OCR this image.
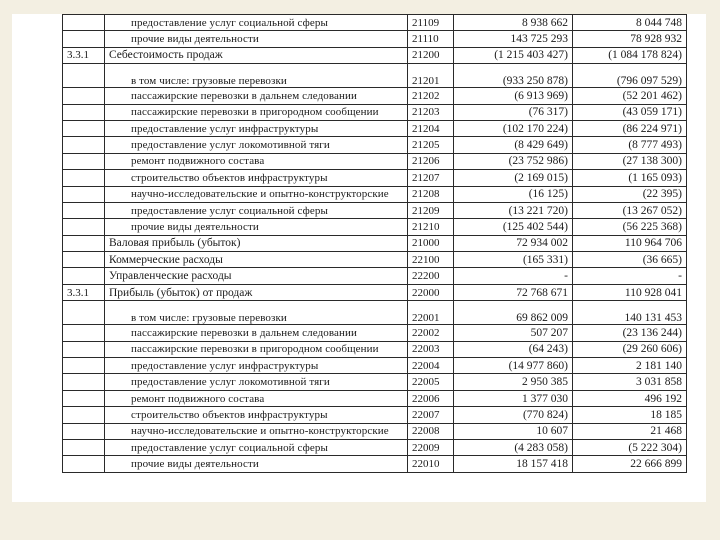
	предоставление услуг социальной сферы	21109	8 938 662	8 044 748
	прочие виды деятельности	21110	143 725 293	78 928 932
3.3.1	Себестоимость продаж	21200	(1 215 403 427)	(1 084 178 824)
	в том числе: грузовые перевозки	21201	(933 250 878)	(796 097 529)
	пассажирские перевозки в дальнем следовании	21202	(6 913 969)	(52 201 462)
	пассажирские перевозки в пригородном сообщении	21203	(76 317)	(43 059 171)
	предоставление услуг инфраструктуры	21204	(102 170 224)	(86 224 971)
	предоставление услуг локомотивной тяги	21205	(8 429 649)	(8 777 493)
	ремонт подвижного состава	21206	(23 752 986)	(27 138 300)
	строительство объектов инфраструктуры	21207	(2 169 015)	(1 165 093)
	научно-исследовательские и опытно-конструкторские	21208	(16 125)	(22 395)
	предоставление услуг социальной сферы	21209	(13 221 720)	(13 267 052)
	прочие виды деятельности	21210	(125 402 544)	(56 225 368)
	Валовая прибыль (убыток)	21000	72 934 002	110 964 706
	Коммерческие расходы	22100	(165 331)	(36 665)
	Управленческие расходы	22200	-	-
3.3.1	Прибыль (убыток) от продаж	22000	72 768 671	110 928 041
	в том числе: грузовые перевозки	22001	69 862 009	140 131 453
	пассажирские перевозки в дальнем следовании	22002	507 207	(23 136 244)
	пассажирские перевозки в пригородном сообщении	22003	(64 243)	(29 260 606)
	предоставление услуг инфраструктуры	22004	(14 977 860)	2 181 140
	предоставление услуг локомотивной тяги	22005	2 950 385	3 031 858
	ремонт подвижного состава	22006	1 377 030	496 192
	строительство объектов инфраструктуры	22007	(770 824)	18 185
	научно-исследовательские и опытно-конструкторские	22008	10 607	21 468
	предоставление услуг социальной сферы	22009	(4 283 058)	(5 222 304)
	прочие виды деятельности	22010	18 157 418	22 666 899
